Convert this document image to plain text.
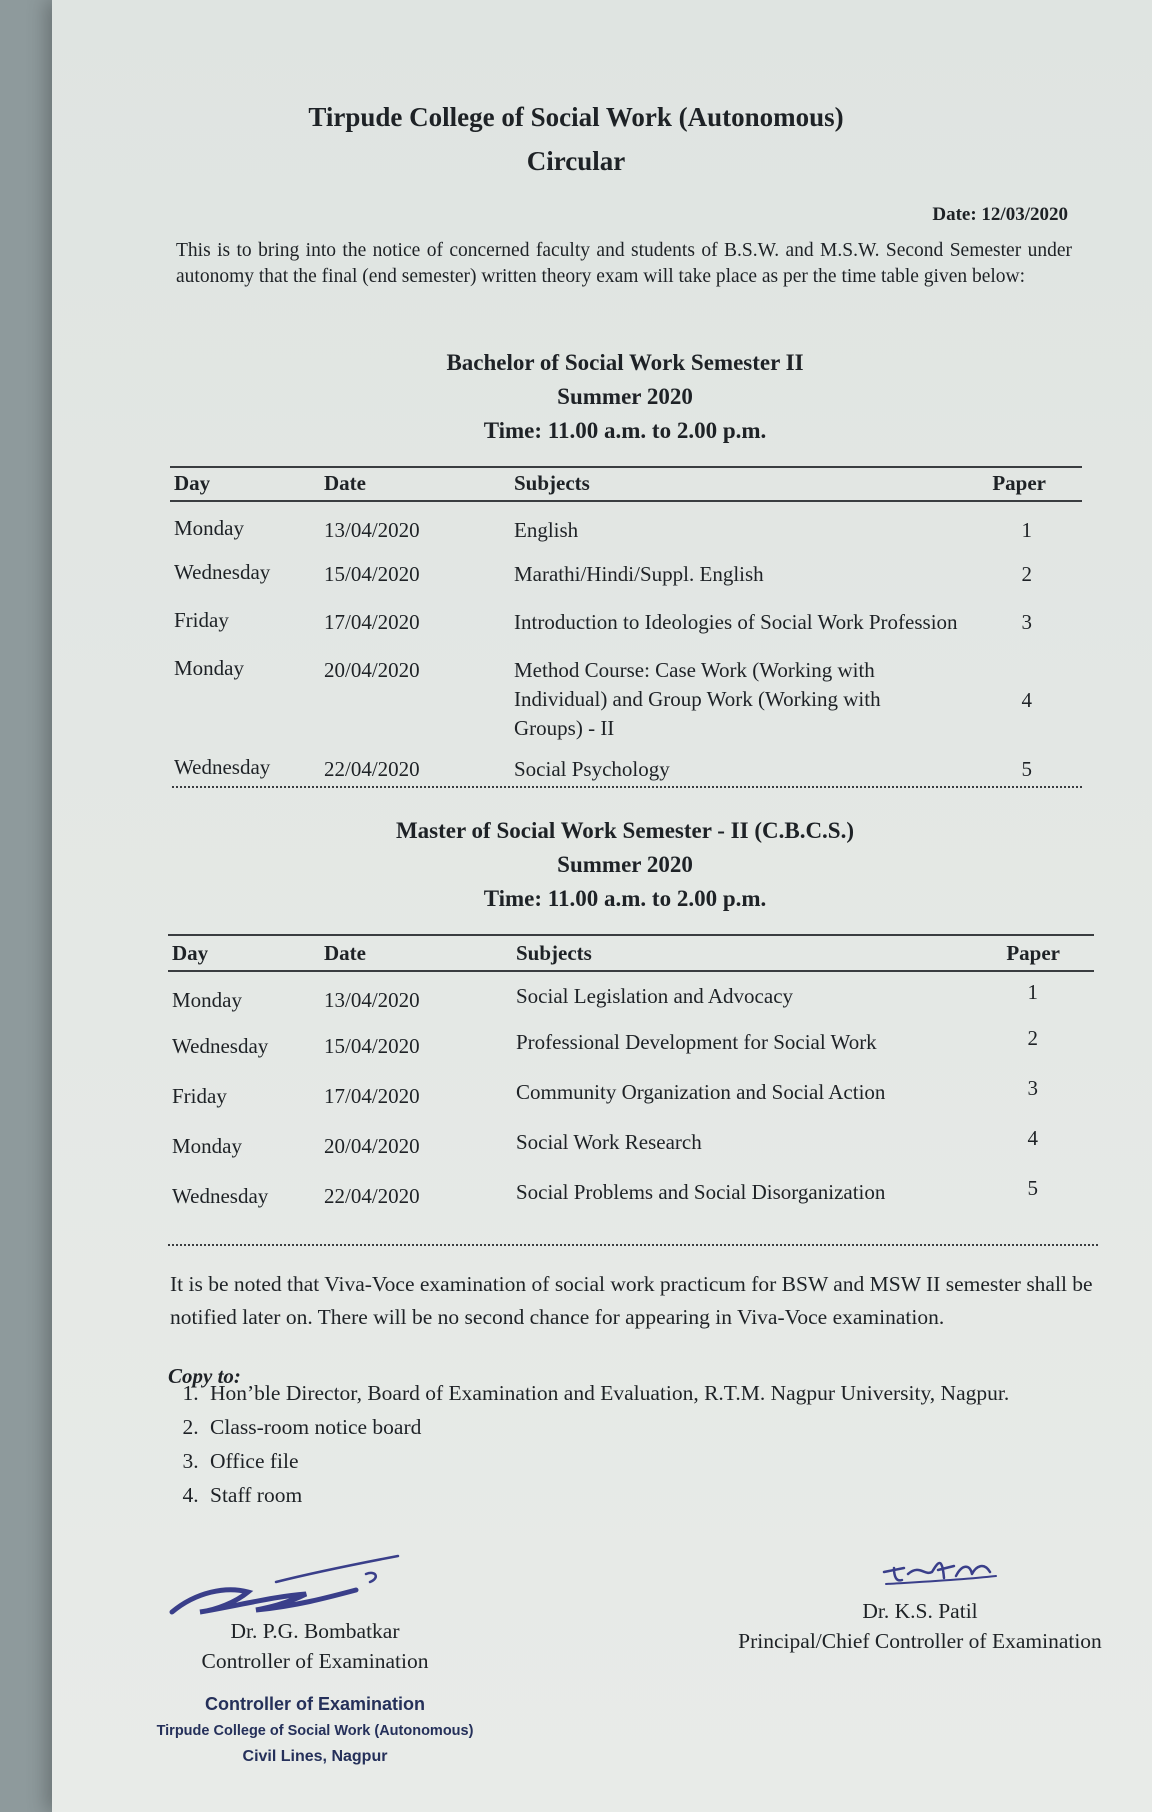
Tirpude College of Social Work (Autonomous)
Circular
Date: 12/03/2020
This is to bring into the notice of concerned faculty and students of B.S.W. and M.S.W. Second Semester under autonomy that the final (end semester) written theory exam will take place as per the time table given below:
Bachelor of Social Work Semester II
Summer 2020
Time: 11.00 a.m. to 2.00 p.m.
Day	Date	Subjects	Paper
Monday	13/04/2020	English	1
Wednesday	15/04/2020	Marathi/Hindi/Suppl. English	2
Friday	17/04/2020	Introduction to Ideologies of Social Work Profession	3
Monday	20/04/2020	Method Course: Case Work (Working with Individual) and Group Work (Working with Groups) - II	4
Wednesday	22/04/2020	Social Psychology	5
Master of Social Work Semester - II (C.B.C.S.)
Summer 2020
Time: 11.00 a.m. to 2.00 p.m.
Day	Date	Subjects	Paper
Monday	13/04/2020	Social Legislation and Advocacy	1
Wednesday	15/04/2020	Professional Development for Social Work	2
Friday	17/04/2020	Community Organization and Social Action	3
Monday	20/04/2020	Social Work Research	4
Wednesday	22/04/2020	Social Problems and Social Disorganization	5
It is be noted that Viva-Voce examination of social work practicum for BSW and MSW II semester shall be notified later on. There will be no second chance for appearing in Viva-Voce examination.
Copy to:
1. Hon’ble Director, Board of Examination and Evaluation, R.T.M. Nagpur University, Nagpur.
2. Class-room notice board
3. Office file
4. Staff room
Dr. P.G. Bombatkar
Controller of Examination
Dr. K.S. Patil
Principal/Chief Controller of Examination
Controller of Examination
Tirpude College of Social Work (Autonomous)
Civil Lines, Nagpur
